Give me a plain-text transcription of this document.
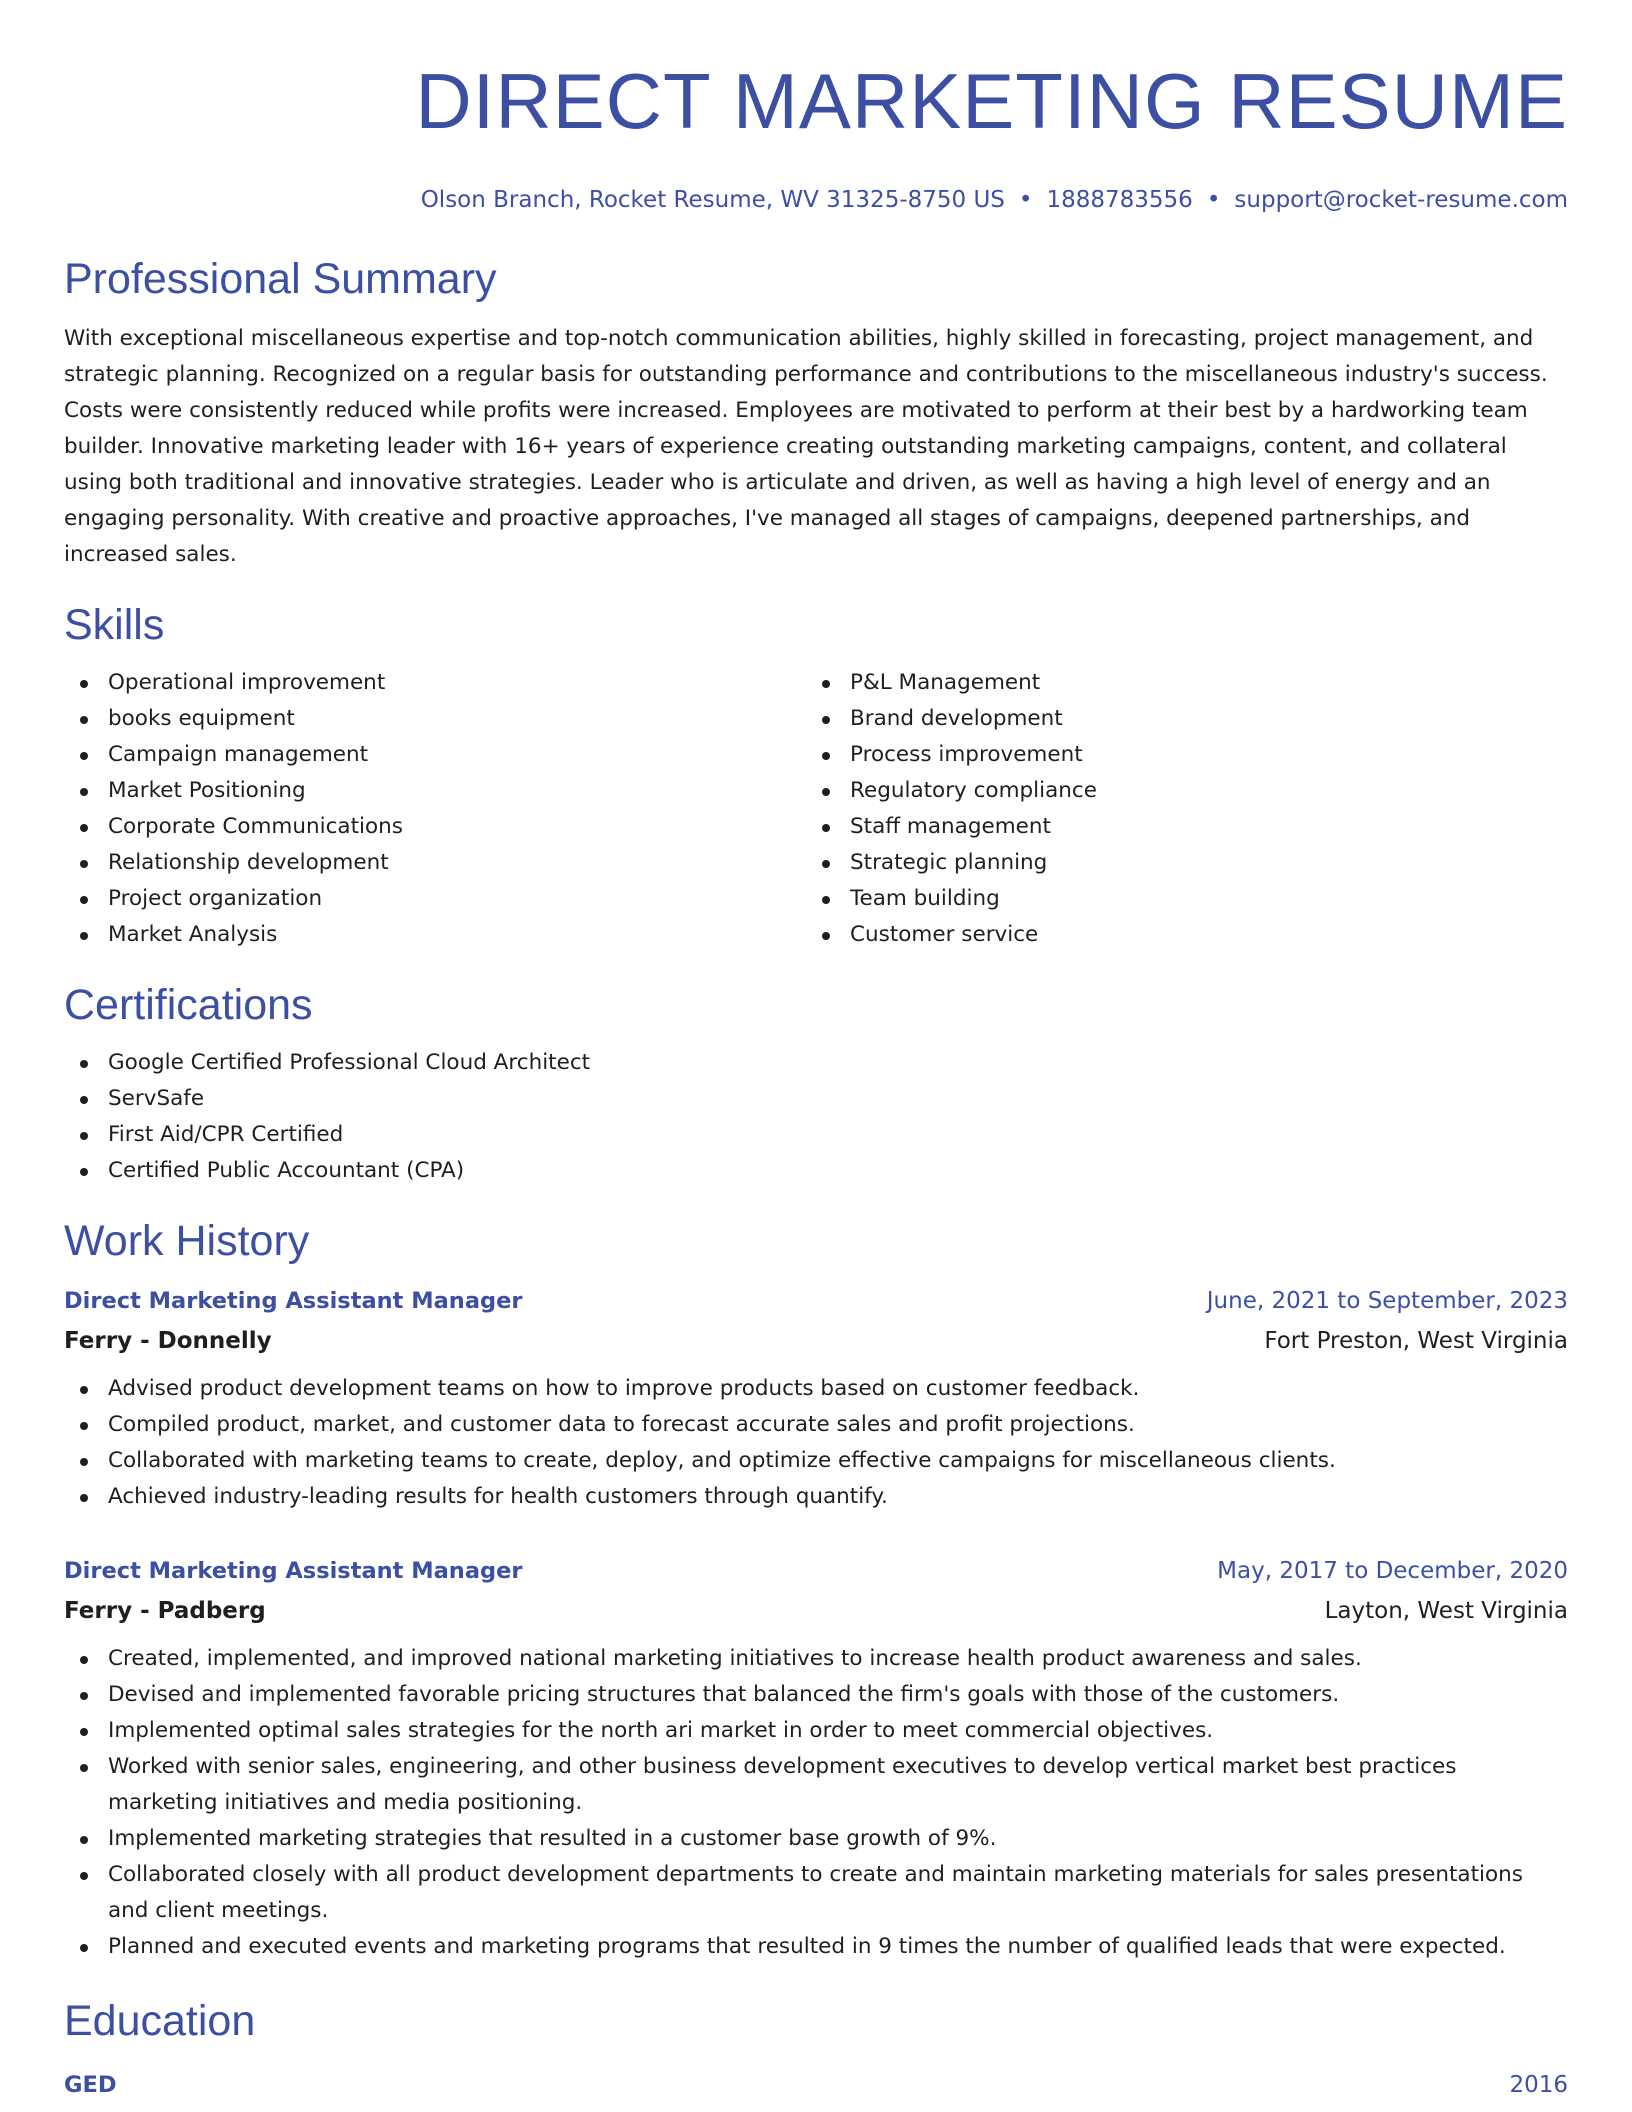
DIRECT MARKETING RESUME
Olson Branch, Rocket Resume, WV 31325-8750 US • 1888783556 • support@rocket-resume.com
Professional Summary

With exceptional miscellaneous expertise and top-notch communication abilities, highly skilled in forecasting, project management, and strategic planning. Recognized on a regular basis for outstanding performance and contributions to the miscellaneous industry's success. Costs were consistently reduced while profits were increased. Employees are motivated to perform at their best by a hardworking team builder. Innovative marketing leader with 16+ years of experience creating outstanding marketing campaigns, content, and collateral using both traditional and innovative strategies. Leader who is articulate and driven, as well as having a high level of energy and an engaging personality. With creative and proactive approaches, I've managed all stages of campaigns, deepened partnerships, and increased sales.

Skills
Operational improvement
books equipment
Campaign management
Market Positioning
Corporate Communications
Relationship development
Project organization
Market Analysis
P&L Management
Brand development
Process improvement
Regulatory compliance
Staff management
Strategic planning
Team building
Customer service
Certifications
Google Certified Professional Cloud Architect
ServSafe
First Aid/CPR Certified
Certified Public Accountant (CPA)
Work History
Direct Marketing Assistant Manager	June, 2021 to September, 2023
Ferry - Donnelly	Fort Preston, West Virginia
Advised product development teams on how to improve products based on customer feedback.
Compiled product, market, and customer data to forecast accurate sales and profit projections.
Collaborated with marketing teams to create, deploy, and optimize effective campaigns for miscellaneous clients.
Achieved industry-leading results for health customers through quantify.
Direct Marketing Assistant Manager	May, 2017 to December, 2020
Ferry - Padberg	Layton, West Virginia
Created, implemented, and improved national marketing initiatives to increase health product awareness and sales.
Devised and implemented favorable pricing structures that balanced the firm's goals with those of the customers.
Implemented optimal sales strategies for the north ari market in order to meet commercial objectives.
Worked with senior sales, engineering, and other business development executives to develop vertical market best practices marketing initiatives and media positioning.
Implemented marketing strategies that resulted in a customer base growth of 9%.
Collaborated closely with all product development departments to create and maintain marketing materials for sales presentations and client meetings.
Planned and executed events and marketing programs that resulted in 9 times the number of qualified leads that were expected.
Education
GED	2016
